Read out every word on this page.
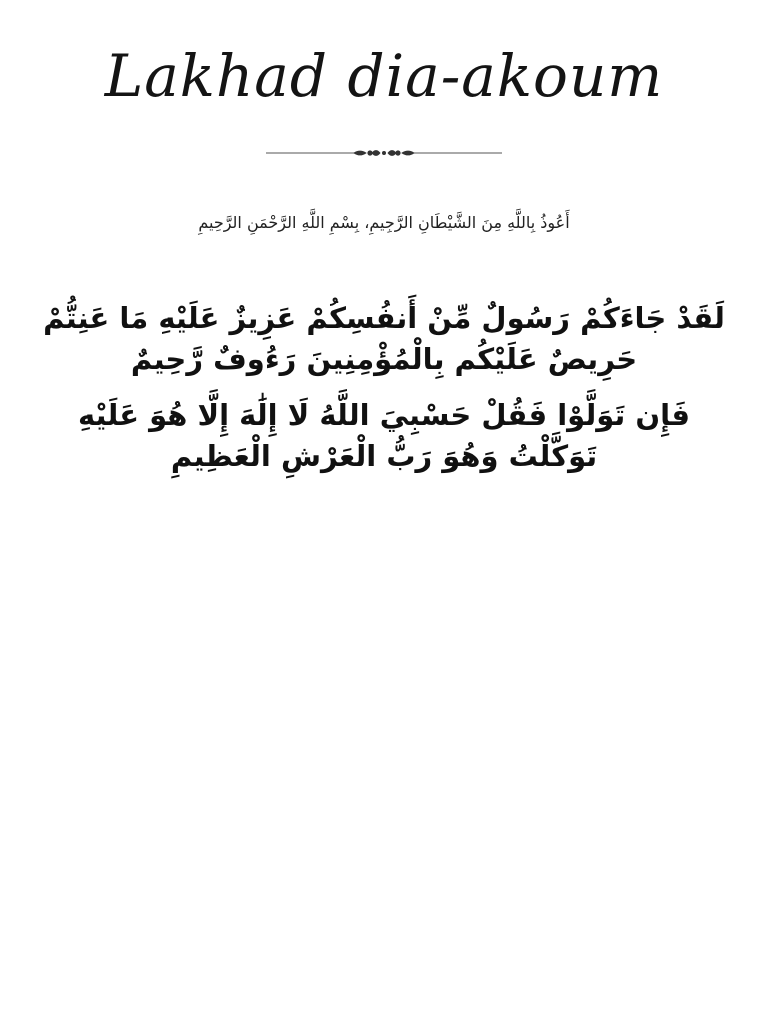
Lakhad dia-akoum
أَعُوذُ بِاللَّهِ مِنَ الشَّيْطَانِ الرَّجِيمِ، بِسْمِ اللَّهِ الرَّحْمَنِ الرَّحِيمِ

لَقَدْ جَاءَكُمْ رَسُولٌ مِّنْ أَنفُسِكُمْ عَزِيزٌ عَلَيْهِ مَا عَنِتُّمْ حَرِيصٌ عَلَيْكُم بِالْمُؤْمِنِينَ رَءُوفٌ رَّحِيمٌ

فَإِن تَوَلَّوْا فَقُلْ حَسْبِيَ اللَّهُ لَا إِلَٰهَ إِلَّا هُوَ عَلَيْهِ تَوَكَّلْتُ وَهُوَ رَبُّ الْعَرْشِ الْعَظِيمِ
